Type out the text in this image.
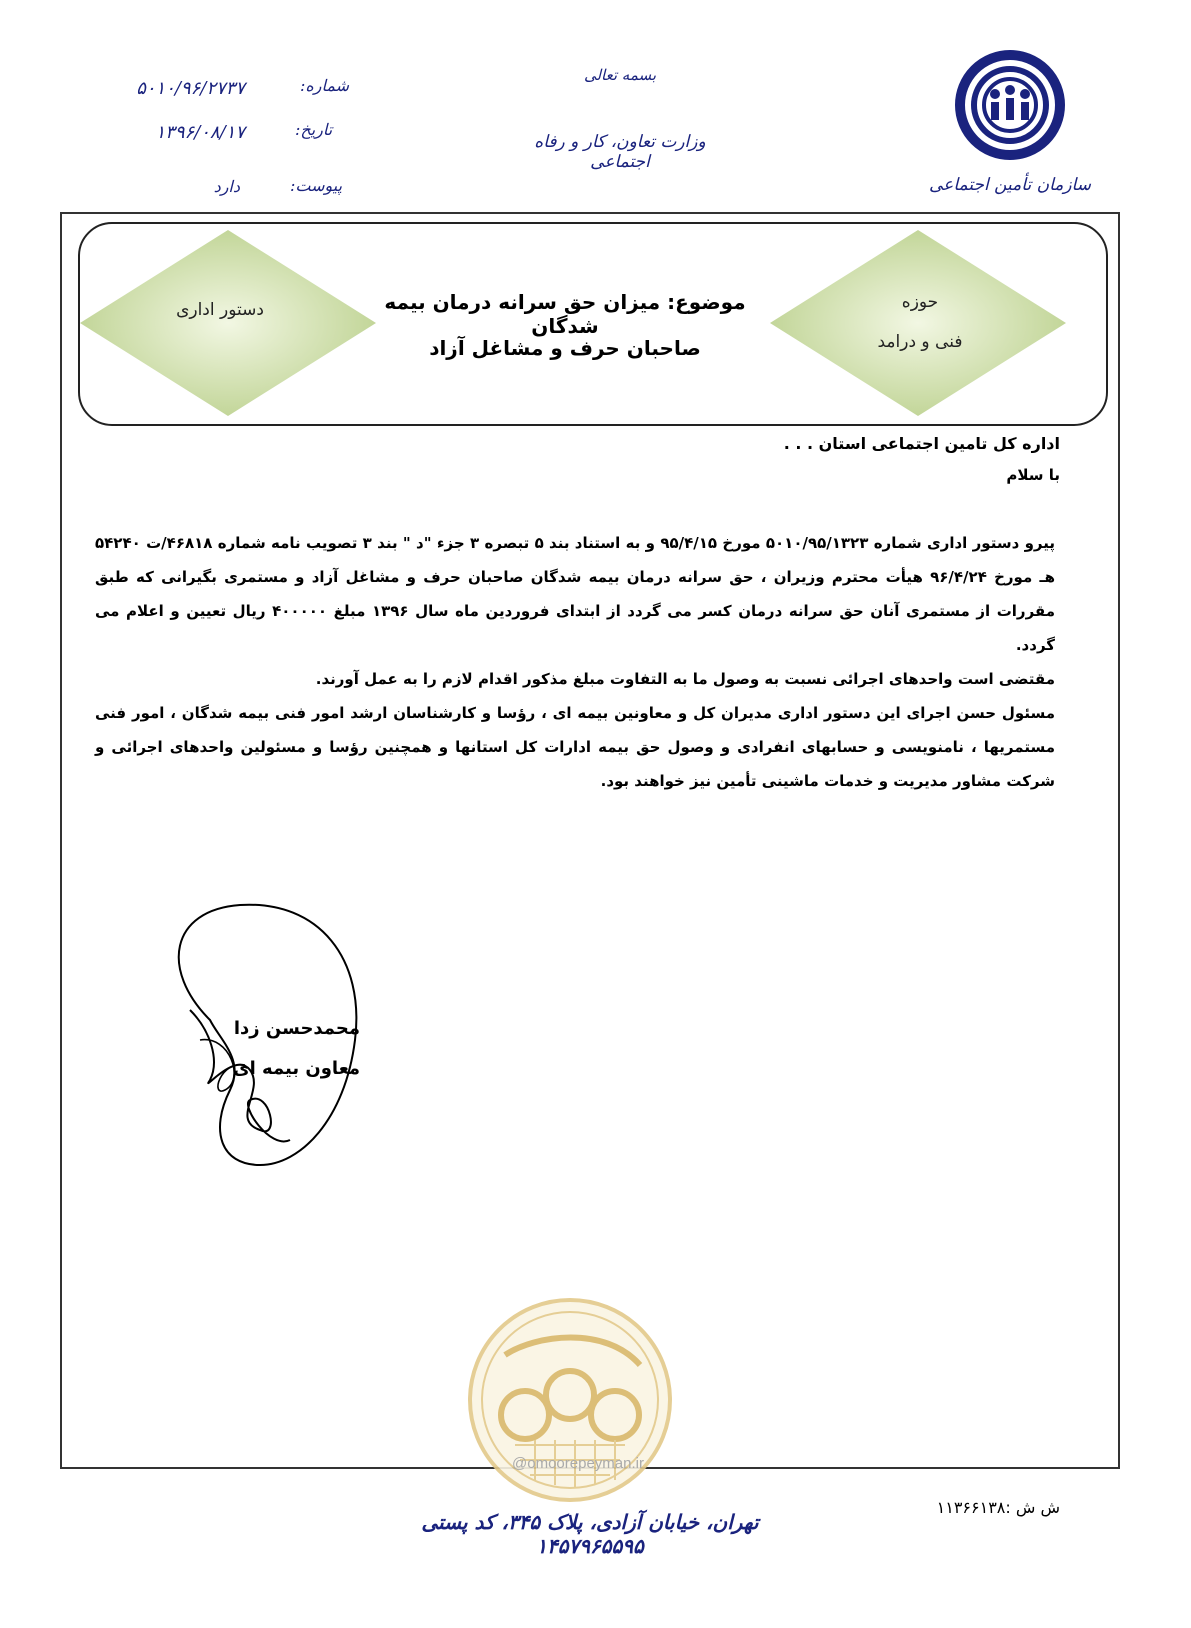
سازمان تأمین اجتماعی
بسمه تعالی
وزارت تعاون، کار و رفاه اجتماعی
شماره:
۵۰۱۰/۹۶/۲۷۳۷
تاریخ:
۱۳۹۶/۰۸/۱۷
پیوست:
دارد
دستور اداری	حوزه
فنی و درامد
موضوع: میزان حق سرانه درمان بیمه شدگان
صاحبان حرف و مشاغل آزاد
اداره کل تامین اجتماعی استان . . .
با سلام

پیرو دستور اداری شماره ۵۰۱۰/۹۵/۱۳۲۳ مورخ ۹۵/۴/۱۵ و به استناد بند ۵ تبصره ۳ جزء "د " بند ۳ تصویب نامه شماره ۴۶۸۱۸/ت ۵۴۲۴۰ هـ مورخ ۹۶/۴/۲۴ هیأت محترم وزیران ، حق سرانه درمان بیمه شدگان صاحبان حرف و مشاغل آزاد و مستمری بگیرانی که طبق مقررات از مستمری آنان حق سرانه درمان کسر می گردد از ابتدای فروردین ماه سال ۱۳۹۶ مبلغ ۴۰۰۰۰۰ ریال تعیین و اعلام می گردد.

مقتضی است واحدهای اجرائی نسبت به وصول ما به التفاوت مبلغ مذکور اقدام لازم را به عمل آورند.

مسئول حسن اجرای این دستور اداری مدیران کل و معاونین بیمه ای ، رؤسا و کارشناسان ارشد امور فنی بیمه شدگان ، امور فنی مستمریها ، نامنویسی و حسابهای انفرادی و وصول حق بیمه ادارات کل استانها و همچنین رؤسا و مسئولین واحدهای اجرائی و شرکت مشاور مدیریت و خدمات ماشینی تأمین نیز خواهند بود.

محمدحسن زدا
معاون بیمه ای
@omoorepeyman.ir
ش ش :۱۱۳۶۶۱۳۸
تهران، خیابان آزادی، پلاک ۳۴۵، کد پستی ۱۴۵۷۹۶۵۵۹۵
